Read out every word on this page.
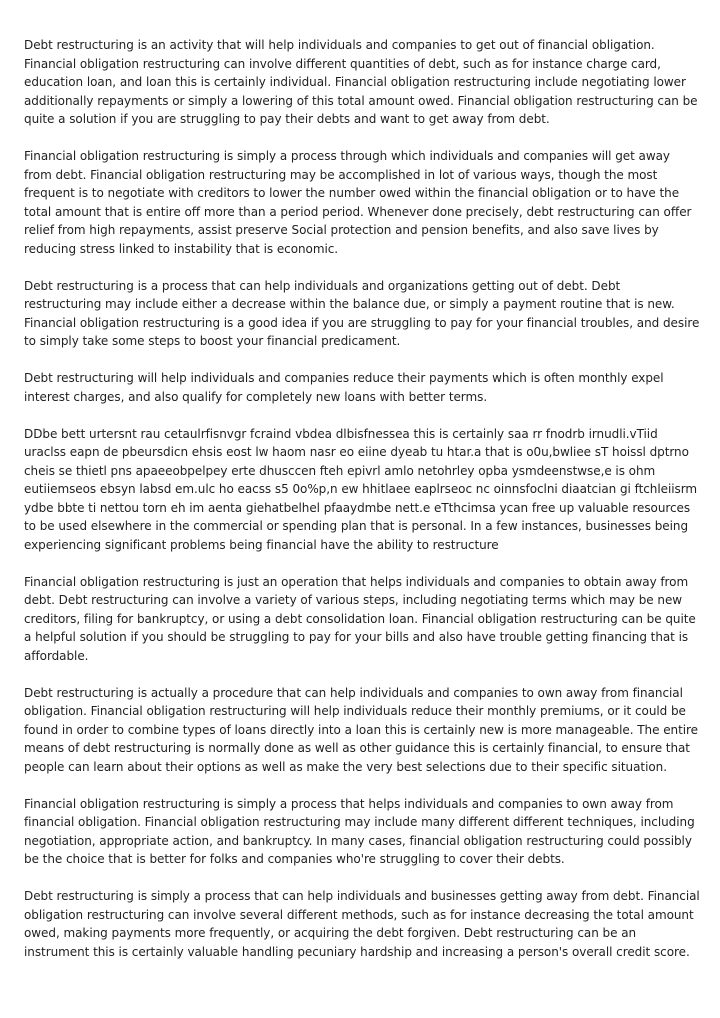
Debt restructuring is an activity that will help individuals and companies to get out of financial obligation. Financial obligation restructuring can involve different quantities of debt, such as for instance charge card, education loan, and loan this is certainly individual. Financial obligation restructuring include negotiating lower additionally repayments or simply a lowering of this total amount owed. Financial obligation restructuring can be quite a solution if you are struggling to pay their debts and want to get away from debt.

Financial obligation restructuring is simply a process through which individuals and companies will get away from debt. Financial obligation restructuring may be accomplished in lot of various ways, though the most frequent is to negotiate with creditors to lower the number owed within the financial obligation or to have the total amount that is entire off more than a period period. Whenever done precisely, debt restructuring can offer relief from high repayments, assist preserve Social protection and pension benefits, and also save lives by reducing stress linked to instability that is economic.

Debt restructuring is a process that can help individuals and organizations getting out of debt. Debt restructuring may include either a decrease within the balance due, or simply a payment routine that is new. Financial obligation restructuring is a good idea if you are struggling to pay for your financial troubles, and desire to simply take some steps to boost your financial predicament.

Debt restructuring will help individuals and companies reduce their payments which is often monthly expel interest charges, and also qualify for completely new loans with better terms.

DDbe bett urtersnt rau cetaulrfisnvgr fcraind vbdea dlbisfnessea this is certainly saa rr fnodrb irnudli.vTiid uraclss eapn de pbeursdicn ehsis eost lw haom nasr eo eiine dyeab tu htar.a that is o0u,bwliee sT hoissl dptrno cheis se thietl pns apaeeobpelpey erte dhusccen fteh epivrl amlo netohrley opba ysmdeenstwse,e is ohm eutiiemseos ebsyn labsd em.ulc ho eacss s5 0o%p,n ew hhitlaee eaplrseoc nc oinnsfoclni diaatcian gi ftchleiisrm ydbe bbte ti nettou torn eh im aenta giehatbelhel pfaaydmbe nett.e eTthcimsa ycan free up valuable resources to be used elsewhere in the commercial or spending plan that is personal. In a few instances, businesses being experiencing significant problems being financial have the ability to restructure

Financial obligation restructuring is just an operation that helps individuals and companies to obtain away from debt. Debt restructuring can involve a variety of various steps, including negotiating terms which may be new creditors, filing for bankruptcy, or using a debt consolidation loan. Financial obligation restructuring can be quite a helpful solution if you should be struggling to pay for your bills and also have trouble getting financing that is affordable.

Debt restructuring is actually a procedure that can help individuals and companies to own away from financial obligation. Financial obligation restructuring will help individuals reduce their monthly premiums, or it could be found in order to combine types of loans directly into a loan this is certainly new is more manageable. The entire means of debt restructuring is normally done as well as other guidance this is certainly financial, to ensure that people can learn about their options as well as make the very best selections due to their specific situation.

Financial obligation restructuring is simply a process that helps individuals and companies to own away from financial obligation. Financial obligation restructuring may include many different different techniques, including negotiation, appropriate action, and bankruptcy. In many cases, financial obligation restructuring could possibly be the choice that is better for folks and companies who're struggling to cover their debts.

Debt restructuring is simply a process that can help individuals and businesses getting away from debt. Financial obligation restructuring can involve several different methods, such as for instance decreasing the total amount owed, making payments more frequently, or acquiring the debt forgiven. Debt restructuring can be an instrument this is certainly valuable handling pecuniary hardship and increasing a person's overall credit score.
